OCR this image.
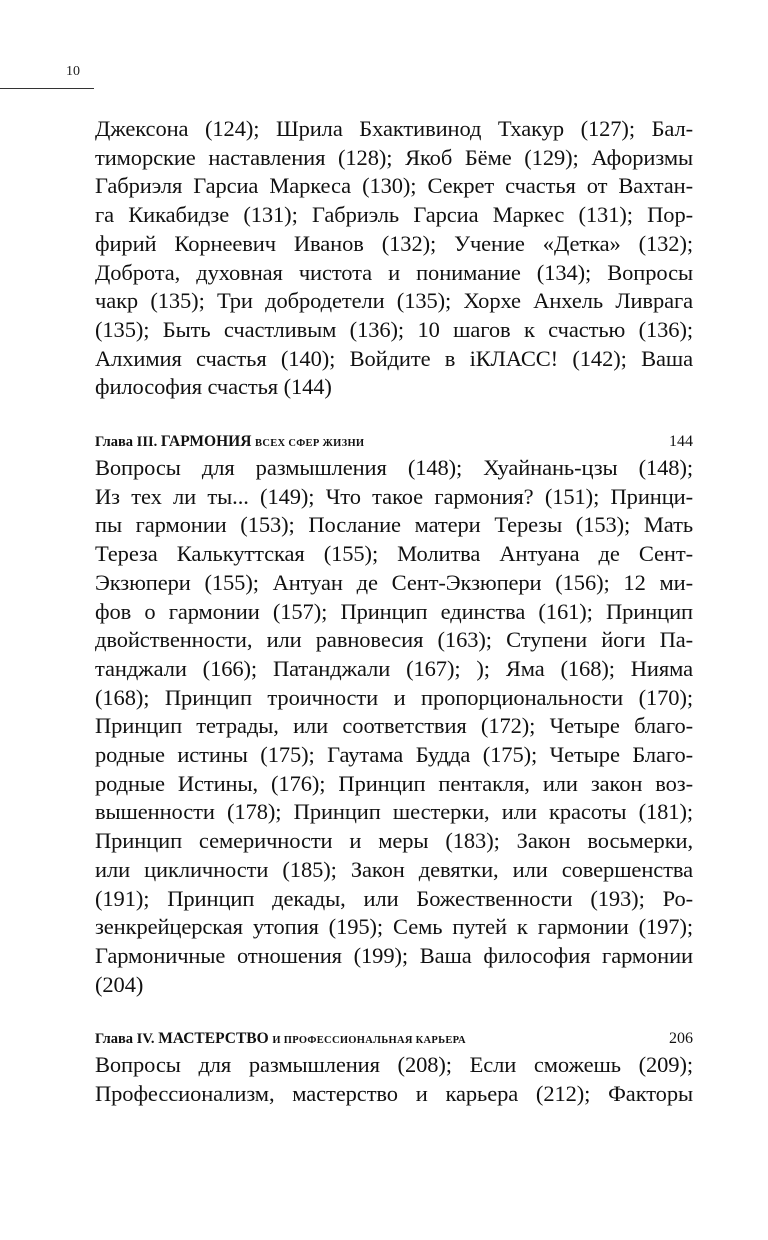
10

Джексона (124); Шрила Бхактивинод Тхакур (127); Бал-
тиморские наставления (128); Якоб Бёме (129); Афоризмы
Габриэля Гарсиа Маркеса (130); Секрет счастья от Вахтан-
га Кикабидзе (131); Габриэль Гарсиа Маркес (131); Пор-
фирий Корнеевич Иванов (132); Учение «Детка» (132);
Доброта, духовная чистота и понимание (134); Вопросы
чакр (135); Три добродетели (135); Хорхе Анхель Ливрага
(135); Быть счастливым (136); 10 шагов к счастью (136);
Алхимия счастья (140); Войдите в iКЛАСС! (142); Ваша
философия счастья (144)

Глава III. ГАРМОНИЯ ВСЕХ СФЕР ЖИЗНИ	144

Вопросы для размышления (148); Хуайнань-цзы (148);
Из тех ли ты... (149); Что такое гармония? (151); Принци-
пы гармонии (153); Послание матери Терезы (153); Мать
Тереза Калькуттская (155); Молитва Антуана де Сент-
Экзюпери (155); Антуан де Сент-Экзюпери (156); 12 ми-
фов о гармонии (157); Принцип единства (161); Принцип
двойственности, или равновесия (163); Ступени йоги Па-
танджали (166); Патанджали (167); ); Яма (168); Нияма
(168); Принцип троичности и пропорциональности (170);
Принцип тетрады, или соответствия (172); Четыре благо-
родные истины (175); Гаутама Будда (175); Четыре Благо-
родные Истины, (176); Принцип пентакля, или закон воз-
вышенности (178); Принцип шестерки, или красоты (181);
Принцип семеричности и меры (183); Закон восьмерки,
или цикличности (185); Закон девятки, или совершенства
(191); Принцип декады, или Божественности (193); Ро-
зенкрейцерская утопия (195); Семь путей к гармонии (197);
Гармоничные отношения (199); Ваша философия гармонии
(204)

Глава IV. МАСТЕРСТВО И ПРОФЕССИОНАЛЬНАЯ КАРЬЕРА	206

Вопросы для размышления (208); Если сможешь (209);
Профессионализм, мастерство и карьера (212); Факторы
